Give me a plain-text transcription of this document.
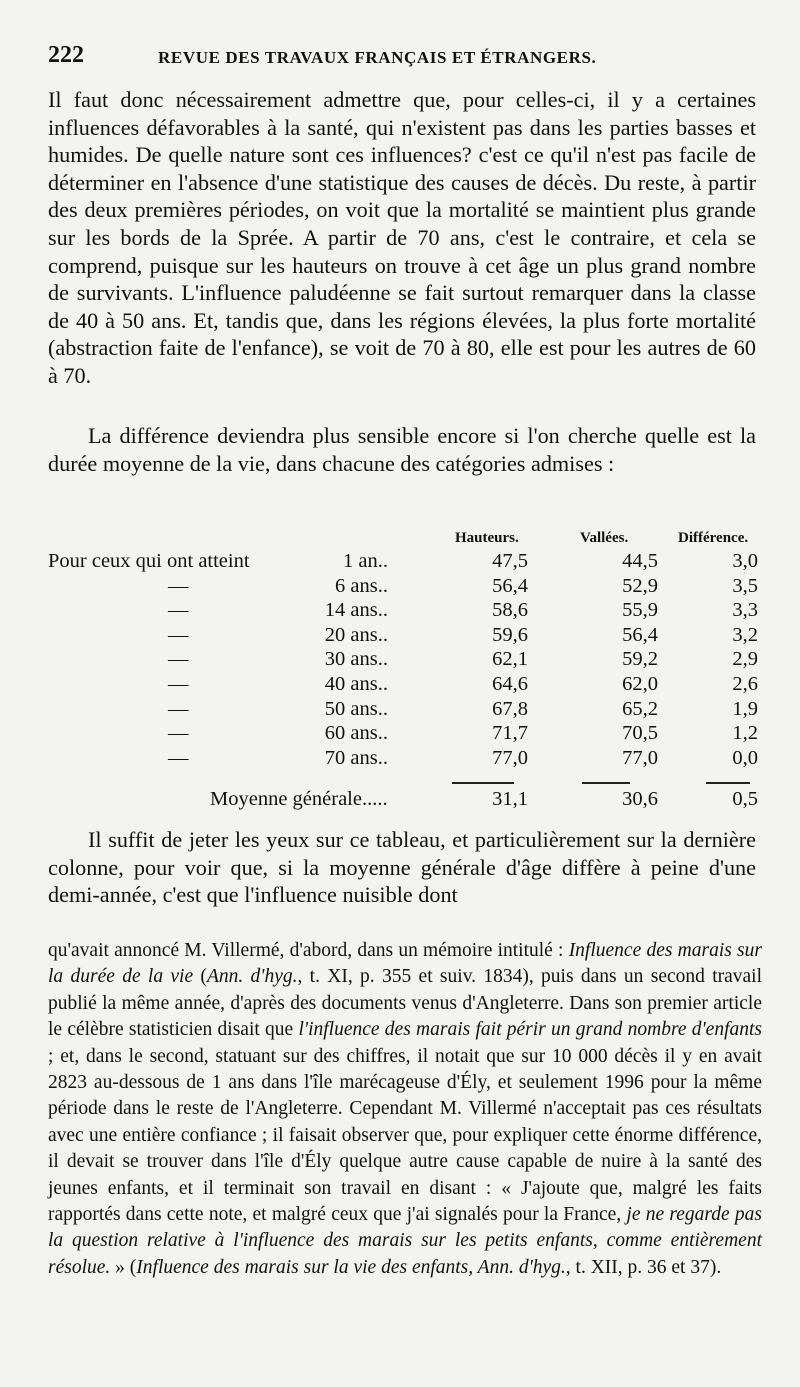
222	REVUE DES TRAVAUX FRANÇAIS ET ÉTRANGERS.

Il faut donc nécessairement admettre que, pour celles-ci, il y a certaines influences défavorables à la santé, qui n'existent pas dans les parties basses et humides. De quelle nature sont ces influences? c'est ce qu'il n'est pas facile de déterminer en l'absence d'une statistique des causes de décès. Du reste, à partir des deux premières périodes, on voit que la mortalité se maintient plus grande sur les bords de la Sprée. A partir de 70 ans, c'est le contraire, et cela se comprend, puisque sur les hauteurs on trouve à cet âge un plus grand nombre de survivants. L'influence paludéenne se fait surtout remarquer dans la classe de 40 à 50 ans. Et, tandis que, dans les régions élevées, la plus forte mortalité (abstraction faite de l'enfance), se voit de 70 à 80, elle est pour les autres de 60 à 70.

La différence deviendra plus sensible encore si l'on cherche quelle est la durée moyenne de la vie, dans chacune des catégories admises :

Hauteurs.	Vallées.	Différence.
Pour ceux qui ont atteint	1 an..	47,5	44,5	3,0
—	6 ans..	56,4	52,9	3,5
—	14 ans..	58,6	55,9	3,3
—	20 ans..	59,6	56,4	3,2
—	30 ans..	62,1	59,2	2,9
—	40 ans..	64,6	62,0	2,6
—	50 ans..	67,8	65,2	1,9
—	60 ans..	71,7	70,5	1,2
—	70 ans..	77,0	77,0	0,0
Moyenne générale.....	31,1	30,6	0,5

Il suffit de jeter les yeux sur ce tableau, et particulièrement sur la dernière colonne, pour voir que, si la moyenne générale d'âge diffère à peine d'une demi-année, c'est que l'influence nuisible dont

qu'avait annoncé M. Villermé, d'abord, dans un mémoire intitulé : Influence des marais sur la durée de la vie (Ann. d'hyg., t. XI, p. 355 et suiv. 1834), puis dans un second travail publié la même année, d'après des documents venus d'Angleterre. Dans son premier article le célèbre statisticien disait que l'influence des marais fait périr un grand nombre d'enfants ; et, dans le second, statuant sur des chiffres, il notait que sur 10 000 décès il y en avait 2823 au-dessous de 1 ans dans l'île marécageuse d'Ély, et seulement 1996 pour la même période dans le reste de l'Angleterre. Cependant M. Villermé n'acceptait pas ces résultats avec une entière confiance ; il faisait observer que, pour expliquer cette énorme différence, il devait se trouver dans l'île d'Ély quelque autre cause capable de nuire à la santé des jeunes enfants, et il terminait son travail en disant : « J'ajoute que, malgré les faits rapportés dans cette note, et malgré ceux que j'ai signalés pour la France, je ne regarde pas la question relative à l'influence des marais sur les petits enfants, comme entièrement résolue. » (Influence des marais sur la vie des enfants, Ann. d'hyg., t. XII, p. 36 et 37).
